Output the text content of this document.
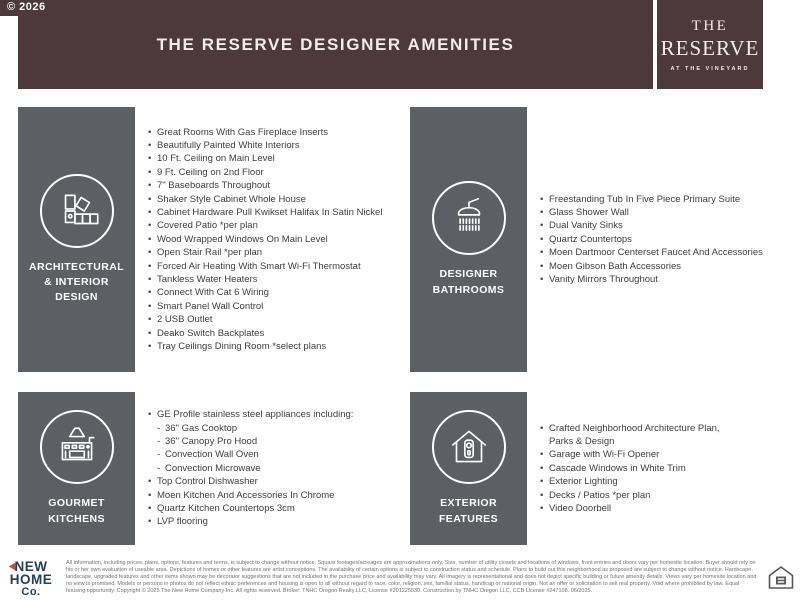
© 2026
THE RESERVE DESIGNER AMENITIES
THE
RESERVE
AT THE VINEYARD
ARCHITECTURAL
& INTERIOR DESIGN
• Great Rooms With Gas Fireplace Inserts
• Beautifully Painted White Interiors
• 10 Ft. Ceiling on Main Level
• 9 Ft. Ceiling on 2nd Floor
• 7" Baseboards Throughout
• Shaker Style Cabinet Whole House
• Cabinet Hardware Pull Kwikset Halifax In Satin Nickel
• Covered Patio *per plan
• Wood Wrapped Windows On Main Level
• Open Stair Rail *per plan
• Forced Air Heating With Smart Wi-Fi Thermostat
• Tankless Water Heaters
• Connect With Cat 6 Wiring
• Smart Panel Wall Control
• 2 USB Outlet
• Deako Switch Backplates
• Tray Ceilings Dining Room *select plans
DESIGNER
BATHROOMS
• Freestanding Tub In Five Piece Primary Suite
• Glass Shower Wall
• Dual Vanity Sinks
• Quartz Countertops
• Moen Dartmoor Centerset Faucet And Accessories
• Moen Gibson Bath Accessories
• Vanity Mirrors Throughout
GOURMET
KITCHENS
• GE Profile stainless steel appliances including:
- 36" Gas Cooktop
- 36" Canopy Pro Hood
- Convection Wall Oven
- Convection Microwave
• Top Control Dishwasher
• Moen Kitchen And Accessories In Chrome
• Quartz Kitchen Countertops 3cm
• LVP flooring
EXTERIOR FEATURES
• Crafted Neighborhood Architecture Plan,
Parks & Design
• Garage with Wi-Fi Opener
• Cascade Windows in White Trim
• Exterior Lighting
• Decks / Patios *per plan
• Video Doorbell
NEW
HOME
Co.
All information, including prices, plans, options, features and terms, is subject to change without notice. Square footages/acreages are approximations only. Size, number of utility closets and locations of windows, front entries and doors vary per homesite location. Buyer should rely on his or her own evaluation of useable area. Depictions of homes or other features are artist conceptions. The availability of certain options is subject to construction status and schedule. Plans to build out this neighborhood as proposed are subject to change without notice. Hardscape, landscape, upgraded features and other items shown may be decorator suggestions that are not included in the purchase price and availability may vary. All imagery is representational and does not depict specific building or future amenity details. Views vary per homesite location and no view is promised. Models or persons in photos do not reflect ethnic preferences and housing is open to all without regard to race, color, religion, sex, familial status, handicap or national origin. Not an offer or solicitation to sell real property. Void where prohibited by law. Equal housing opportunity. Copyright © 2025 The New Home Company Inc. All rights reserved. Broker: TNHC Oregon Realty LLC, License #201225530. Construction by TNHC Oregon LLC, CCB License #247108. 06/2025.
